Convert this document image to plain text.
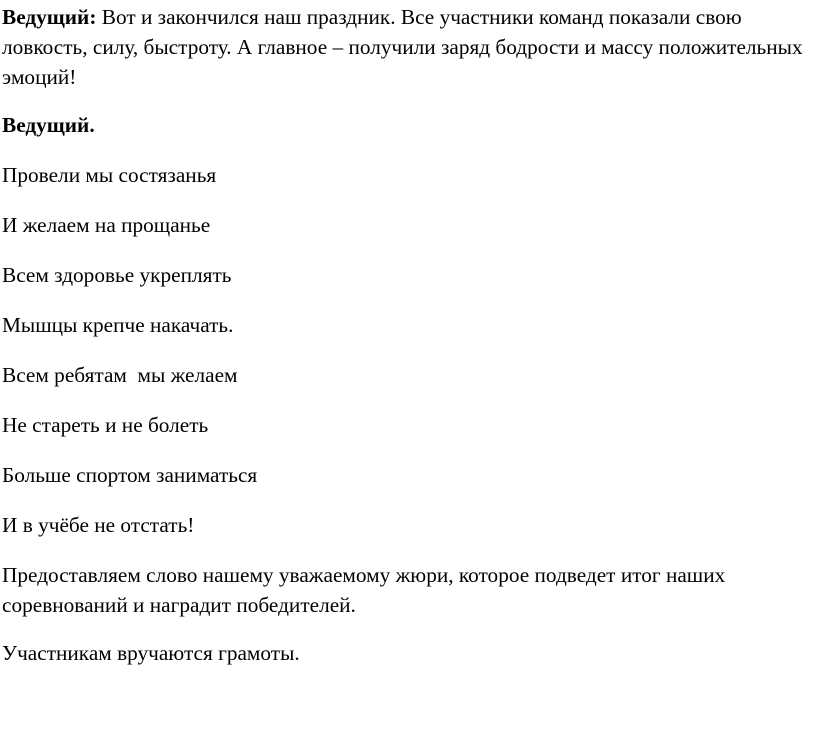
Ведущий: Вот и закончился наш праздник. Все участники команд показали свою ловкость, силу, быстроту. А главное – получили заряд бодрости и массу положительных эмоций!

Ведущий.

Провели мы состязанья

И желаем на прощанье

Всем здоровье укреплять

Мышцы крепче накачать.

Всем ребятам  мы желаем

Не стареть и не болеть

Больше спортом заниматься

И в учёбе не отстать!

Предоставляем слово нашему уважаемому жюри, которое подведет итог наших соревнований и наградит победителей.

Участникам вручаются грамоты.
